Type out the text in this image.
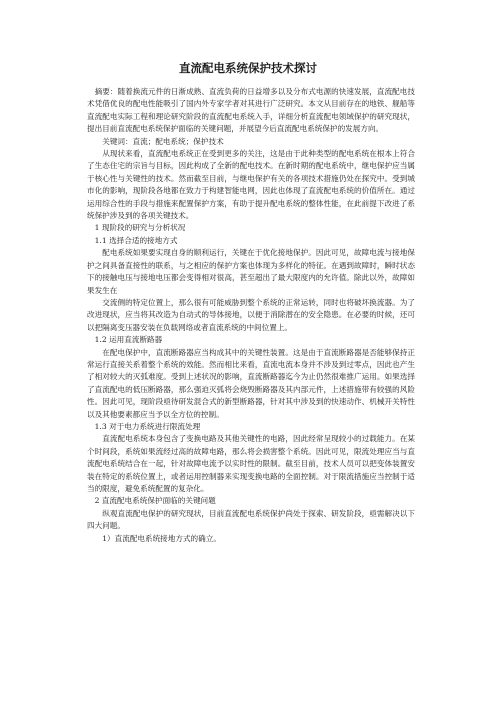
直流配电系统保护技术探讨

摘要：随着换流元件的日渐成熟、直流负荷的日益增多以及分布式电源的快速发展，直流配电技术凭借优良的配电性能吸引了国内外专家学者对其进行广泛研究。本文从目前存在的地铁、舰船等直流配电实际工程和理论研究阶段的直流配电系统入手，详细分析直流配电领域保护的研究现状，提出目前直流配电系统保护面临的关键问题，并展望今后直流配电系统保护的发展方向。

关键词：直流；配电系统；保护技术

从现状来看，直流配电系统正在受到更多的关注，这是由于此种类型的配电系统在根本上符合了生态住宅的宗旨与目标，因此构成了全新的配电技术。在新时期的配电系统中，继电保护应当属于核心性与关键性的技术。然而截至目前，与继电保护有关的各项技术措施仍处在探究中。受到城市化的影响，现阶段各地都在致力于构建智能电网，因此也体现了直流配电系统的价值所在。通过运用综合性的手段与措施来配置保护方案，有助于提升配电系统的整体性能，在此前提下改进了系统保护涉及到的各项关键技术。

1 现阶段的研究与分析状况

1.1 选择合适的接地方式

配电系统如果要实现自身的顺利运行，关键在于优化接地保护。因此可见，故障电流与接地保护之间具备直接性的联系，与之相应的保护方案也体现为多样化的特征。在遇到故障时，瞬时状态下的接触电压与接地电压都会变得相对很高，甚至超出了最大限度内的允许值。除此以外，故障如果发生在

交流侧的特定位置上，那么很有可能威胁到整个系统的正常运转，同时也将破坏换流器。为了改进现状，应当将其改造为自动式的导体接地，以便于消除潜在的安全隐患。在必要的时候，还可以把隔离变压器安装在负载网络或者直流系统的中间位置上。

1.2 运用直流断路器

在配电保护中，直流断路器应当构成其中的关键性装置。这是由于直流断路器是否能够保持正常运行直接关系着整个系统的效能。然而相比来看，直流电流本身并不涉及到过零点，因此也产生了相对较大的灭弧难度。受到上述状况的影响，直流断路器迄今为止仍然很难推广运用。如果选择了直流配电的低压断路器，那么强迫灭弧将会烧毁断路器及其内部元件，上述措施带有较强的风险性。因此可见，现阶段亟待研发混合式的新型断路器，针对其中涉及到的快速动作、机械开关特性以及其他要素都应当予以全方位的控制。

1.3 对于电力系统进行限流处理

直流配电系统本身包含了变换电路及其他关键性的电路，因此经常呈现较小的过载能力。在某个时间段，系统如果流经过高的故障电路，那么将会损害整个系统。因此可见，限流处理应当与直流配电系统结合在一起，针对故障电流予以实时性的限制。截至目前，技术人员可以把变体装置安装在特定的系统位置上，或者运用控制器来实现变换电路的全面控制。对于限流措施应当控制于适当的限度，避免系统配置的复杂化。

2 直流配电系统保护面临的关键问题

纵观直流配电保护的研究现状，目前直流配电系统保护尚处于探索、研发阶段，亟需解决以下四大问题。

1）直流配电系统接地方式的确立。
